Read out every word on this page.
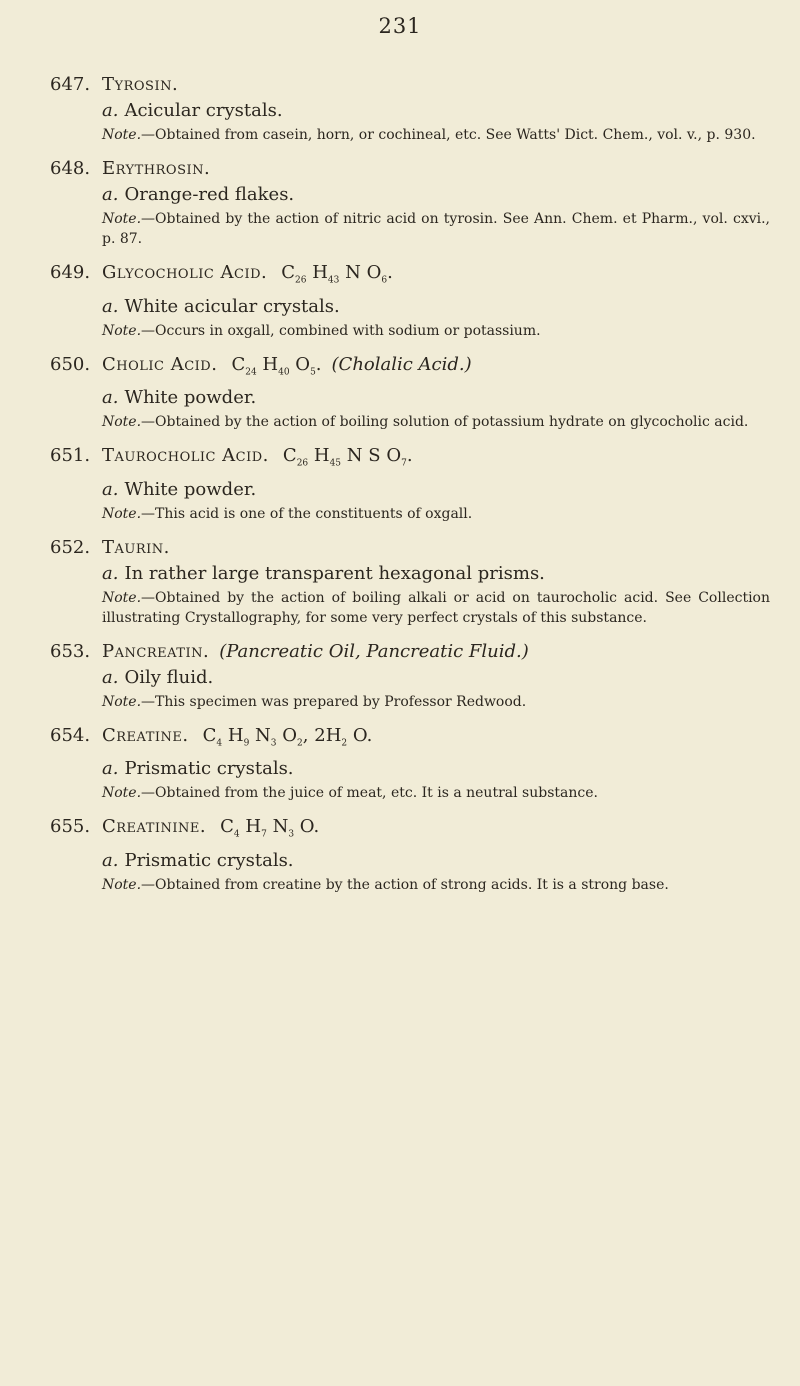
231
647. Tyrosin.
a. Acicular crystals.
Note.—Obtained from casein, horn, or cochineal, etc. See Watts' Dict. Chem., vol. v., p. 930.
648. Erythrosin.
a. Orange-red flakes.
Note.—Obtained by the action of nitric acid on tyrosin. See Ann. Chem. et Pharm., vol. cxvi., p. 87.
649. Glycocholic Acid. $C_{26}$ $H_{43}$ N $O_6$.
a. White acicular crystals.
Note.—Occurs in oxgall, combined with sodium or potassium.
650. Cholic Acid. $C_{24}$ $H_{40}$ $O_5$. (Cholalic Acid.)
a. White powder.
Note.—Obtained by the action of boiling solution of potassium hydrate on glycocholic acid.
651. Taurocholic Acid. $C_{26}$ $H_{45}$ N S $O_7$.
a. White powder.
Note.—This acid is one of the constituents of oxgall.
652. Taurin.
a. In rather large transparent hexagonal prisms.
Note.—Obtained by the action of boiling alkali or acid on taurocholic acid. See Collection illustrating Crystallography, for some very perfect crystals of this substance.
653. Pancreatin. (Pancreatic Oil, Pancreatic Fluid.)
a. Oily fluid.
Note.—This specimen was prepared by Professor Redwood.
654. Creatine. $C_4$ $H_9$ $N_3$ $O_2$, $2H_2$ O.
a. Prismatic crystals.
Note.—Obtained from the juice of meat, etc. It is a neutral substance.
655. Creatinine. $C_4$ $H_7$ $N_3$ O.
a. Prismatic crystals.
Note.—Obtained from creatine by the action of strong acids. It is a strong base.
